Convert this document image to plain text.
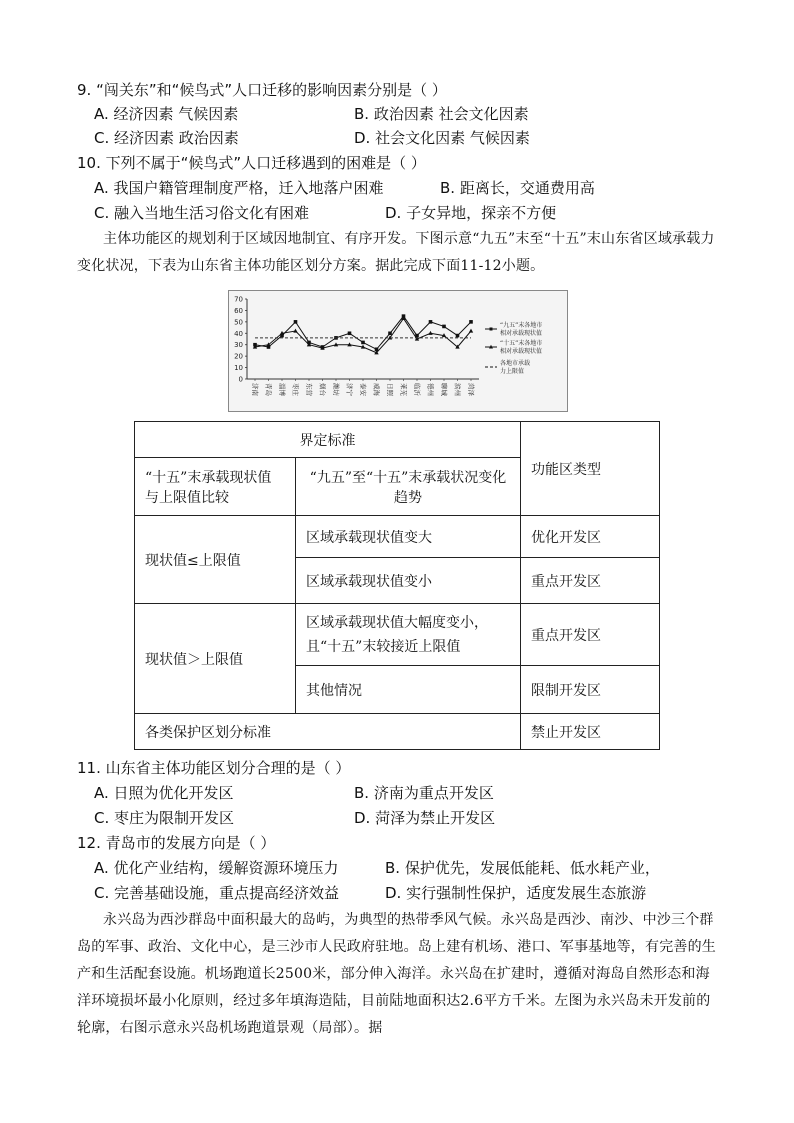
9. “闯关东”和“候鸟式”人口迁移的影响因素分别是（ ）
A. 经济因素 气候因素	B. 政治因素 社会文化因素
C. 经济因素 政治因素	D. 社会文化因素 气候因素
10. 下列不属于“候鸟式”人口迁移遇到的困难是（ ）
A. 我国户籍管理制度严格，迁入地落户困难	B. 距离长，交通费用高
C. 融入当地生活习俗文化有困难	D. 子女异地，探亲不方便
主体功能区的规划利于区域因地制宜、有序开发。下图示意“九五”末至“十五”末山东省区域承载力变化状况，下表为山东省主体功能区划分方案。据此完成下面11-12小题。
0
10
20
30
40
50
60
70
济南 青岛 淄博 枣庄 东营 烟台 潍坊 济宁 泰安 威海 日照 莱芜 临沂 德州 聊城 滨州 菏泽
“九五”末各地市
相对承载现状值
“十五”末各地市
相对承载现状值
各地市承载
力上限值
界定标准		功能区类型
“十五”末承载现状值与上限值比较	“九五”至“十五”末承载状况变化趋势	
现状值≤上限值	区域承载现状值变大	优化开发区
	区域承载现状值变小	重点开发区
现状值＞上限值	区域承载现状值大幅度变小，且“十五”末较接近上限值	重点开发区
	其他情况	限制开发区
各类保护区划分标准		禁止开发区
11. 山东省主体功能区划分合理的是（ ）
A. 日照为优化开发区	B. 济南为重点开发区
C. 枣庄为限制开发区	D. 菏泽为禁止开发区
12. 青岛市的发展方向是（ ）
A. 优化产业结构，缓解资源环境压力	B. 保护优先，发展低能耗、低水耗产业，
C. 完善基础设施，重点提高经济效益	D. 实行强制性保护，适度发展生态旅游
永兴岛为西沙群岛中面积最大的岛屿，为典型的热带季风气候。永兴岛是西沙、南沙、中沙三个群岛的军事、政治、文化中心，是三沙市人民政府驻地。岛上建有机场、港口、军事基地等，有完善的生产和生活配套设施。机场跑道长2500米，部分伸入海洋。永兴岛在扩建时，遵循对海岛自然形态和海洋环境损坏最小化原则，经过多年填海造陆，目前陆地面积达2.6平方千米。左图为永兴岛未开发前的轮廓，右图示意永兴岛机场跑道景观（局部）。据
